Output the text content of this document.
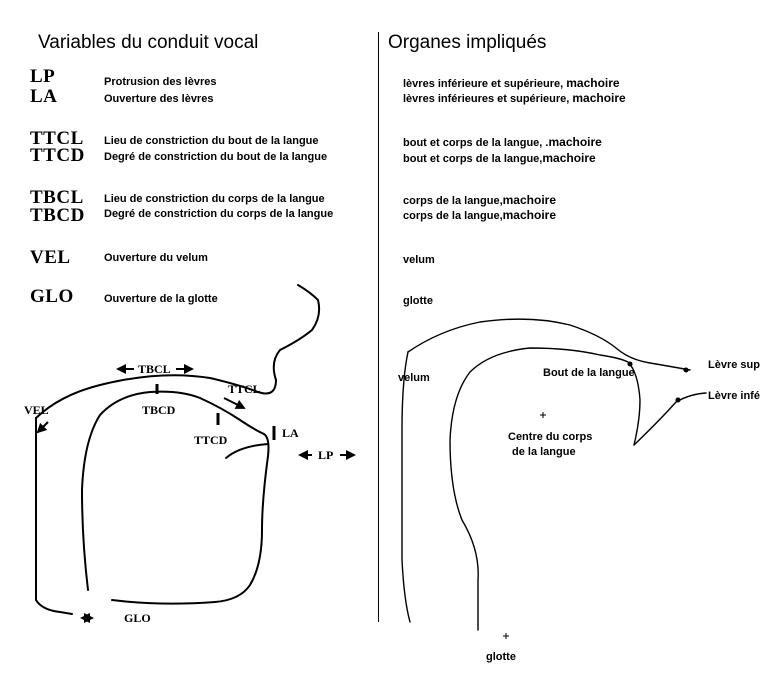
Variables du conduit vocal	Organes impliqués
LP	Protrusion des lèvres	lèvres inférieure et supérieure, machoire
LA	Ouverture des lèvres	lèvres inférieures et supérieure, machoire
TTCL Lieu de constriction du bout de la langue	bout et corps de la langue, .machoire
TTCD Degré de constriction du bout de la langue	bout et corps de la langue,machoire
TBCL Lieu de constriction du corps de la langue	corps de la langue,machoire
TBCD Degré de constriction du corps de la langue	corps de la langue,machoire
VEL	Ouverture du velum	velum
GLO	Ouverture de la glotte	glotte
TBCL
TBCD
TTCL
TTCD	LA
LP
VEL
GLO
velum	Bout de la langue
Lèvre sup
Lèvre infé
Centre du corps
de la langue
glotte
